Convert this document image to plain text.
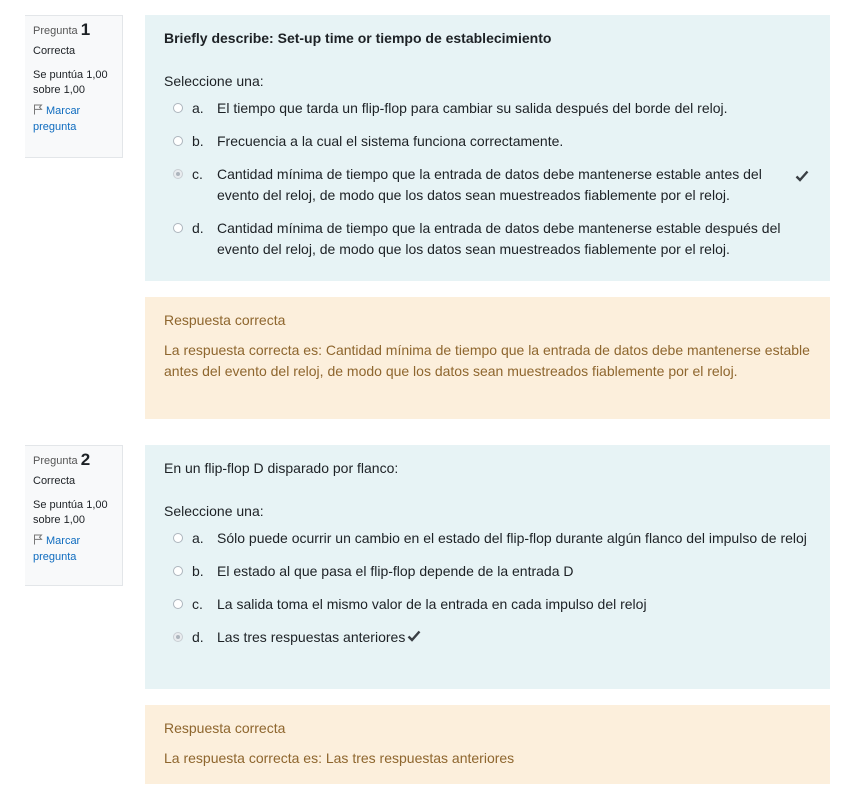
Pregunta 1
Correcta
Se puntúa 1,00 sobre 1,00
Marcar pregunta
Briefly describe: Set-up time or tiempo de establecimiento
Seleccione una:
a. El tiempo que tarda un flip-flop para cambiar su salida después del borde del reloj.
b. Frecuencia a la cual el sistema funciona correctamente.
c. Cantidad mínima de tiempo que la entrada de datos debe mantenerse estable antes del evento del reloj, de modo que los datos sean muestreados fiablemente por el reloj.
d. Cantidad mínima de tiempo que la entrada de datos debe mantenerse estable después del evento del reloj, de modo que los datos sean muestreados fiablemente por el reloj.
Respuesta correcta
La respuesta correcta es: Cantidad mínima de tiempo que la entrada de datos debe mantenerse estable antes del evento del reloj, de modo que los datos sean muestreados fiablemente por el reloj.
Pregunta 2
Correcta
Se puntúa 1,00 sobre 1,00
Marcar pregunta
En un flip-flop D disparado por flanco:
Seleccione una:
a. Sólo puede ocurrir un cambio en el estado del flip-flop durante algún flanco del impulso de reloj
b. El estado al que pasa el flip-flop depende de la entrada D
c. La salida toma el mismo valor de la entrada en cada impulso del reloj
d. Las tres respuestas anteriores
Respuesta correcta
La respuesta correcta es: Las tres respuestas anteriores
